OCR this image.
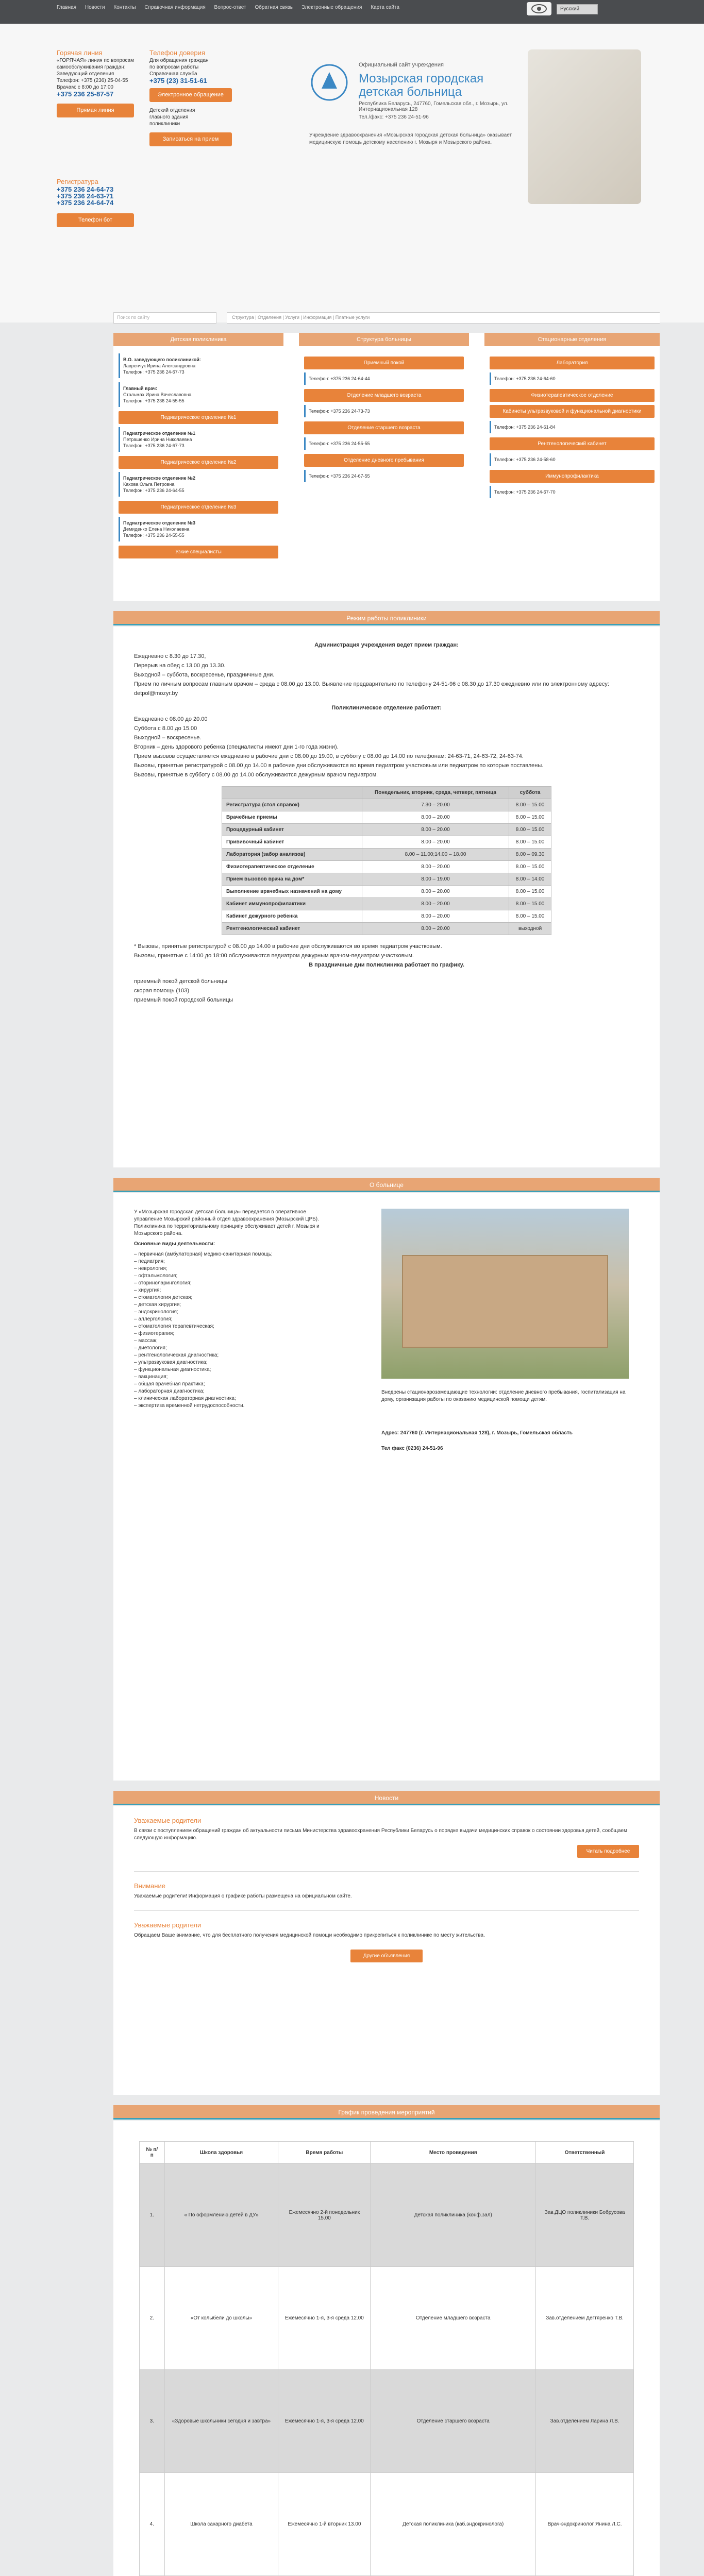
Главная Новости Контакты Справочная информация Вопрос-ответ Обратная связь Электронные обращения Карта сайта	Русский
Горячая линия
«ГОРЯЧАЯ» линия по вопросам
самообслуживания граждан:
Заведующий отделения
Телефон: +375 (236) 25-04-55
Врачам: с 8:00 до 17:00
+375 236 25-87-57
Прямая линия
Телефон доверия
Для обращения граждан
по вопросам работы
Справочная служба
+375 (23) 31-51-61
Электронное обращение
Детский отделения
главного здания
поликлиники
Записаться на прием
Регистратура
+375 236 24-64-73
+375 236 24-63-71
+375 236 24-64-74
Телефон бот
Официальный сайт учреждения
Мозырская городская детская больница
Республика Беларусь, 247760, Гомельская обл., г. Мозырь, ул. Интернациональная 128
Тел./факс: +375 236 24-51-96
Учреждение здравоохранения «Мозырская городская детская больница» оказывает медицинскую помощь детскому населению г. Мозыря и Мозырского района.
Поиск по сайту	Структура | Отделения | Услуги | Информация | Платные услуги
Детская поликлиника	Структура больницы	Стационарные отделения
В.О. заведующего поликлиникой:
Лавренчук Ирина Александровна
Телефон: +375 236 24-67-73
Главный врач:
Стальмах Ирина Вячеславовна
Телефон: +375 236 24-55-55
Педиатрическое отделение №1
Педиатрическое отделение №1
Петрашенко Ирина Николаевна
Телефон: +375 236 24-67-73
Педиатрическое отделение №2
Педиатрическое отделение №2
Кахова Ольга Петровна
Телефон: +375 236 24-64-55
Педиатрическое отделение №3
Педиатрическое отделение №3
Демиденко Елена Николаевна
Телефон: +375 236 24-55-55
Узкие специалисты
Приемный покой
Телефон: +375 236 24-64-44
Отделение младшего возраста
Телефон: +375 236 24-73-73
Отделение старшего возраста
Телефон: +375 236 24-55-55
Отделение дневного пребывания
Телефон: +375 236 24-67-55
Лаборатория
Телефон: +375 236 24-64-60
Физиотерапевтическое отделение
Кабинеты ультразвуковой и функциональной диагностики
Телефон: +375 236 24-61-84
Рентгенологический кабинет
Телефон: +375 236 24-58-60
Иммунопрофилактика
Телефон: +375 236 24-67-70
Режим работы поликлиники
Администрация учреждения ведет прием граждан:

Ежедневно с 8.30 до 17.30,

Перерыв на обед с 13.00 до 13.30.

Выходной – суббота, воскресенье, праздничные дни.

Прием по личным вопросам главным врачом – среда с 08.00 до 13.00. Выявление предварительно по телефону 24-51-96 с 08.30 до 17.30 ежедневно или по электронному адресу:

detpol@mozyr.by

Поликлиническое отделение работает:

Ежедневно с 08.00 до 20.00

Суббота с 8.00 до 15.00

Выходной – воскресенье.

Вторник – день здорового ребенка (специалисты имеют дни 1-го года жизни).

Прием вызовов осуществляется ежедневно в рабочие дни с 08.00 до 19.00, в субботу с 08.00 до 14.00 по телефонам: 24-63-71, 24-63-72, 24-63-74.

Вызовы, принятые регистратурой с 08.00 до 14.00 в рабочие дни обслуживаются во время педиатром участковым или педиатром по которые поставлены.

Вызовы, принятые в субботу с 08.00 до 14.00 обслуживаются дежурным врачом педиатром.

	Понедельник, вторник, среда, четверг, пятница	суббота
Регистратура (стол справок)	7.30 – 20.00	8.00 – 15.00
Врачебные приемы	8.00 – 20.00	8.00 – 15.00
Процедурный кабинет	8.00 – 20.00	8.00 – 15.00
Прививочный кабинет	8.00 – 20.00	8.00 – 15.00
Лаборатория (забор анализов)	8.00 – 11.00;14.00 – 18.00	8.00 – 09.30
Физиотерапевтическое отделение	8.00 – 20.00	8.00 – 15.00
Прием вызовов врача на дом*	8.00 – 19.00	8.00 – 14.00
Выполнение врачебных назначений на дому	8.00 – 20.00	8.00 – 15.00
Кабинет иммунопрофилактики	8.00 – 20.00	8.00 – 15.00
Кабинет дежурного ребенка	8.00 – 20.00	8.00 – 15.00
Рентгенологический кабинет	8.00 – 20.00	выходной

* Вызовы, принятые регистратурой с 08.00 до 14.00 в рабочие дни обслуживаются во время педиатром участковым.

Вызовы, принятые с 14:00 до 18:00 обслуживаются педиатром дежурным врачом-педиатром участковым.

В праздничные дни поликлиника работает по графику.

приемный покой детской больницы

скорая помощь (103)

приемный покой городской больницы

О больнице

У «Мозырская городская детская больница» передается в оперативное управление Мозырский районный отдел здравоохранения (Мозырский ЦРБ). Поликлиника по территориальному принципу обслуживает детей г. Мозыря и Мозырского района.

Основные виды деятельности:

– первичная (амбулаторная) медико-санитарная помощь;
– педиатрия;
– неврология;
– офтальмология;
– оториноларингология;
– хирургия;
– стоматология детская;
– детская хирургия;
– эндокринология;
– аллергология;
– стоматология терапевтическая;
– физиотерапия;
– массаж;
– диетология;
– рентгенологическая диагностика;
– ультразвуковая диагностика;
– функциональная диагностика;
– вакцинация;
– общая врачебная практика;
– лабораторная диагностика;
– клиническая лабораторная диагностика;
– экспертиза временной нетрудоспособности.
Внедрены стационарозамещающие технологии: отделение дневного пребывания, госпитализация на дому, организация работы по оказанию медицинской помощи детям.
Адрес: 247760 (г. Интернациональная 128), г. Мозырь, Гомельская область
Тел факс (0236) 24-51-96
Новости
Уважаемые родители
В связи с поступлением обращений граждан об актуальности письма Министерства здравоохранения Республики Беларусь о порядке выдачи медицинских справок о состоянии здоровья детей, сообщаем следующую информацию.
Читать подробнее
Внимание
Уважаемые родители! Информация о графике работы размещена на официальном сайте.
Уважаемые родители
Обращаем Ваше внимание, что для бесплатного получения медицинской помощи необходимо прикрепиться к поликлинике по месту жительства.
Другие объявления
График проведения мероприятий
№ п/п	Школа здоровья	Время работы	Место проведения	Ответственный
1.	« По оформлению детей в ДУ»	Ежемесячно 2-й понедельник 15.00	Детская поликлиника (конф.зал)	Зав.ДЦО поликлиники Бобрусова Т.В.
2.	«От колыбели до школы»	Ежемесячно 1-я, 3-я среда 12.00	Отделение младшего возраста	Зав.отделением Дегтяренко Т.В.
3.	«Здоровые школьники сегодня и завтра»	Ежемесячно 1-я, 3-я среда 12.00	Отделение старшего возраста	Зав.отделением Ларина Л.В.
4.	Школа сахарного диабета	Ежемесячно 1-й вторник 13.00	Детская поликлиника (каб.эндокринолога)	Врач-эндокринолог Янина Л.С.
